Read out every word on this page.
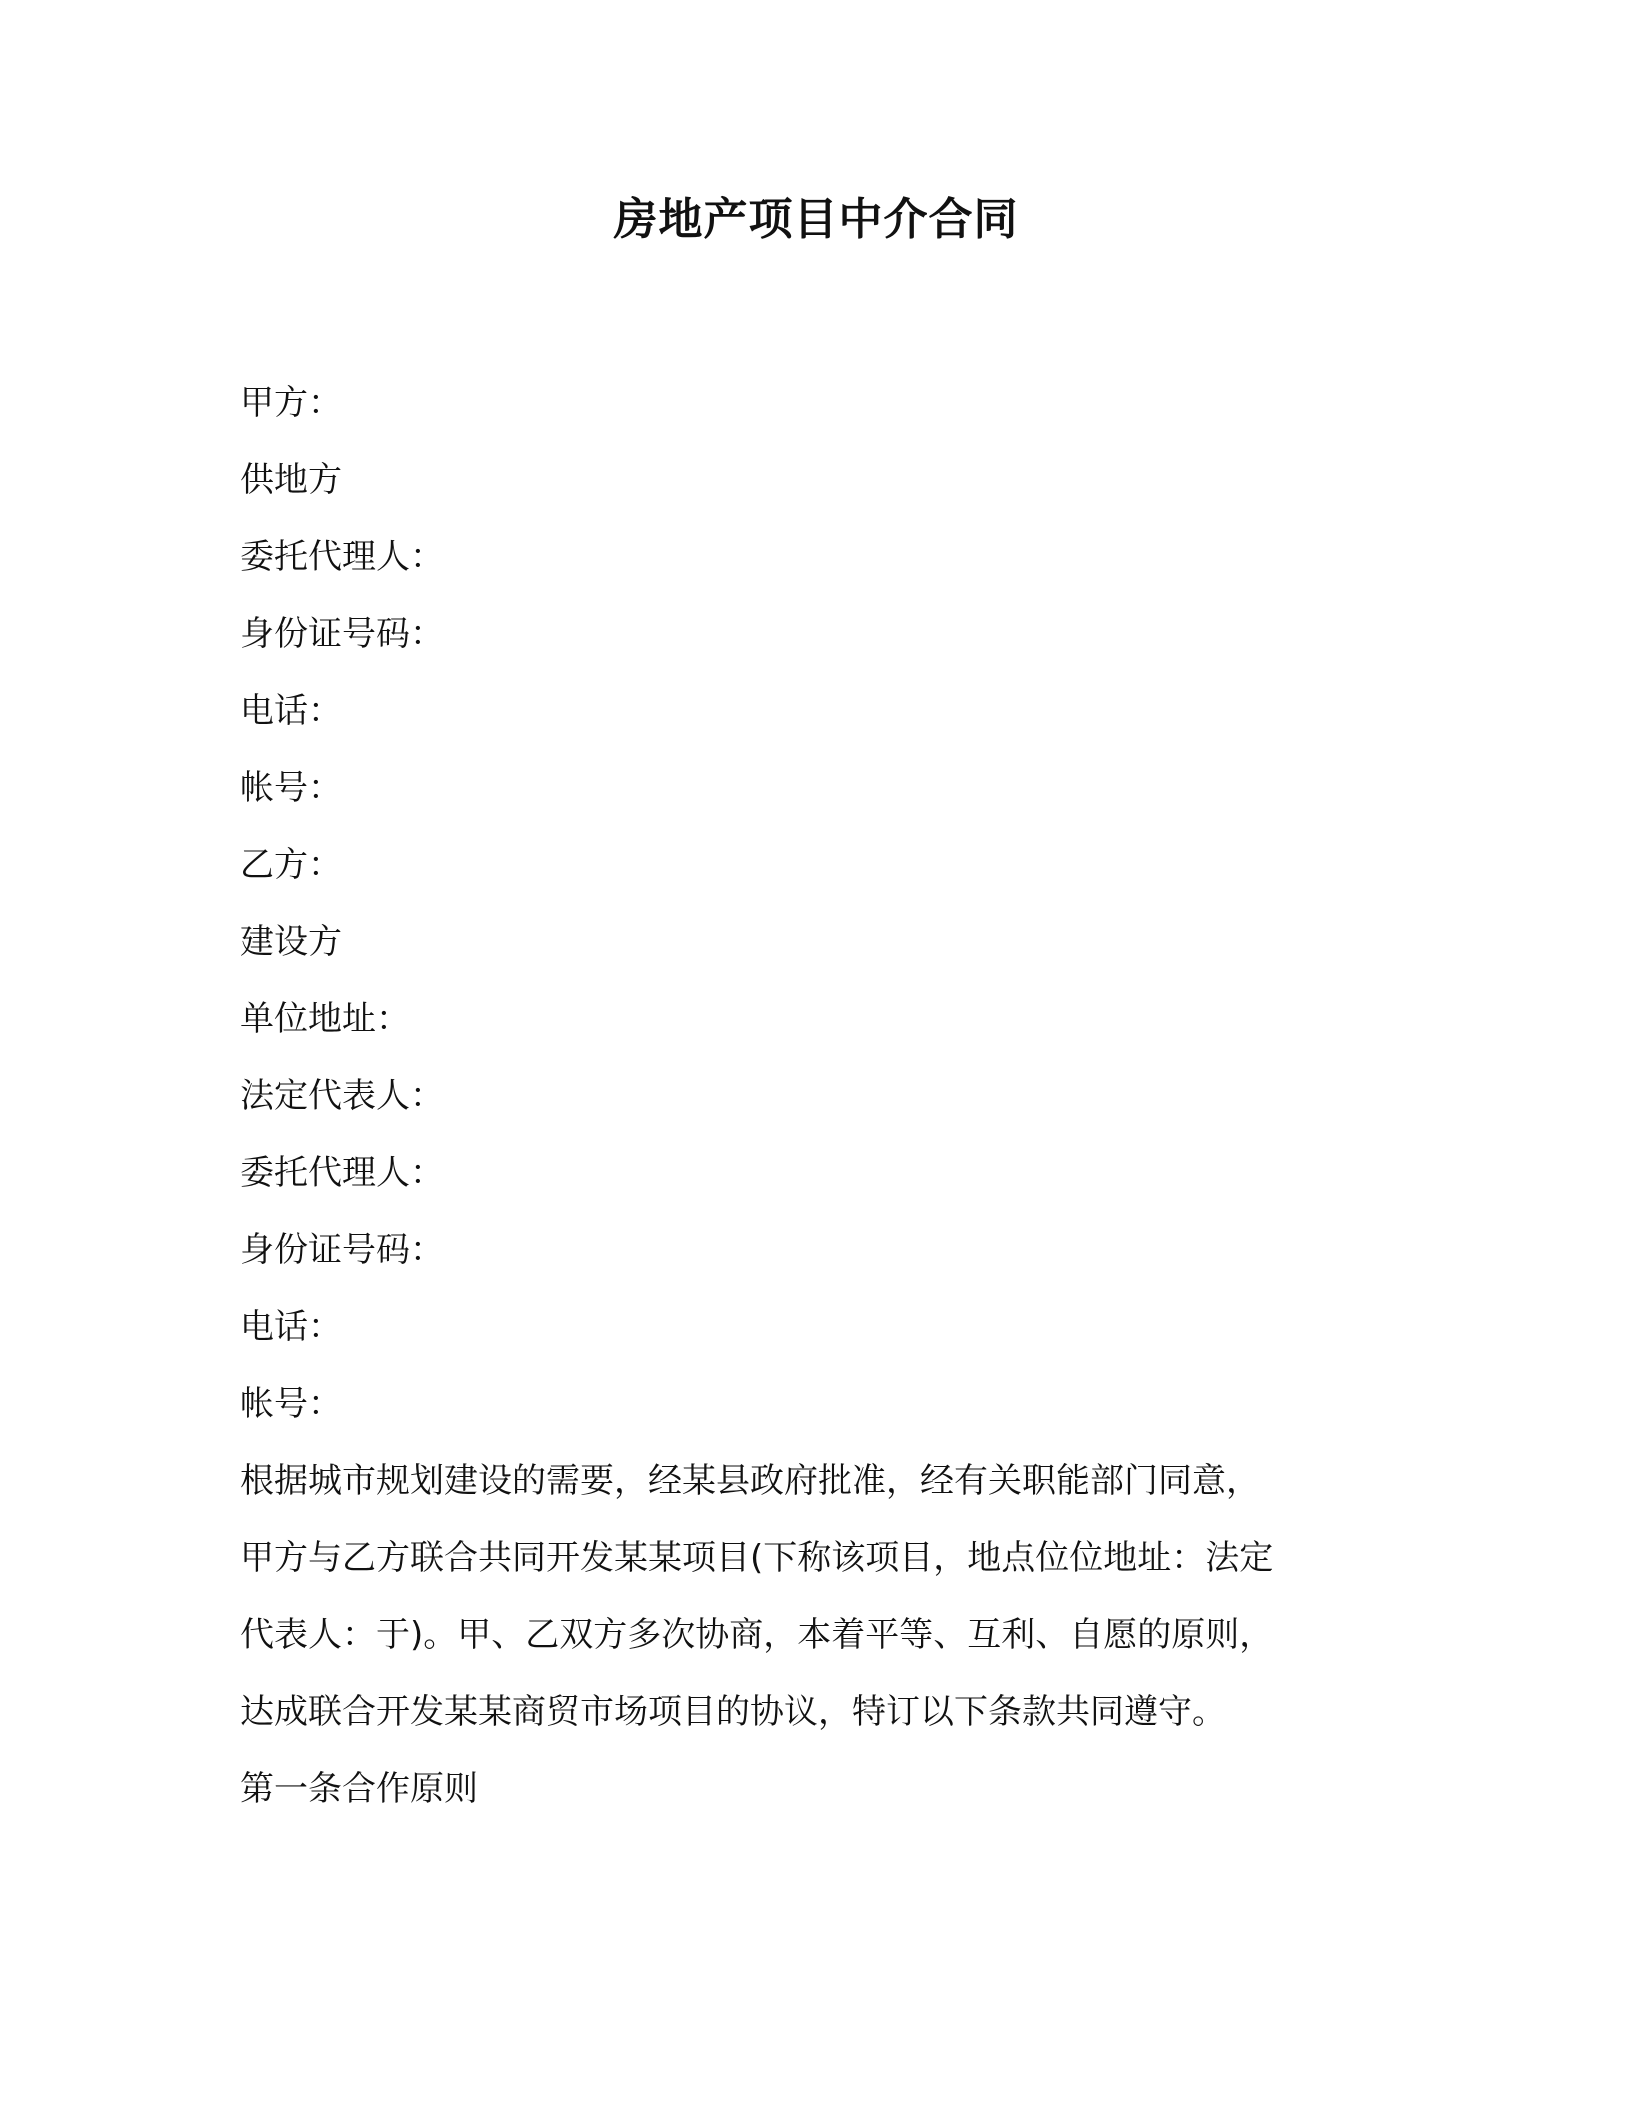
房地产项目中介合同
甲方：
供地方
委托代理人：
身份证号码：
电话：
帐号：
乙方：
建设方
单位地址：
法定代表人：
委托代理人：
身份证号码：
电话：
帐号：
根据城市规划建设的需要，经某县政府批准，经有关职能部门同意，
甲方与乙方联合共同开发某某项目(下称该项目，地点位位地址：法定
代表人：于)。甲、乙双方多次协商，本着平等、互利、自愿的原则，
达成联合开发某某商贸市场项目的协议，特订以下条款共同遵守。
第一条合作原则
